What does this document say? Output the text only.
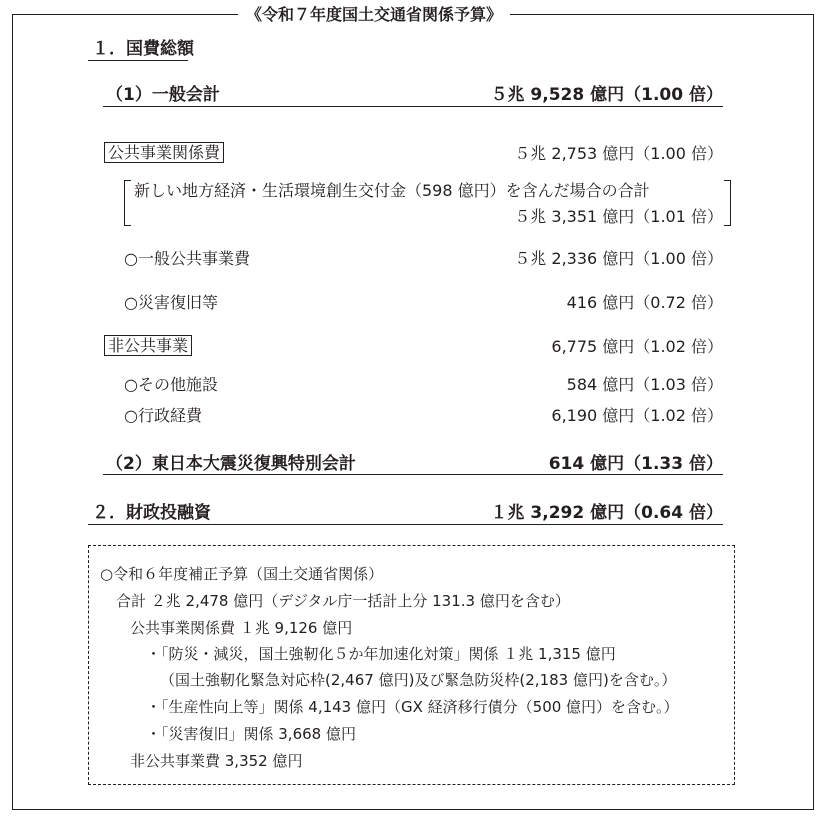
《令和７年度国土交通省関係予算》
１．国費総額
（1）一般会計	５兆 9,528 億円（1.00 倍）
公共事業関係費	５兆 2,753 億円（1.00 倍）
新しい地方経済・生活環境創生交付金（598 億円）を含んだ場合の合計
５兆 3,351 億円（1.01 倍）
○一般公共事業費	５兆 2,336 億円（1.00 倍）
○災害復旧等	416 億円（0.72 倍）
非公共事業	6,775 億円（1.02 倍）
○その他施設	584 億円（1.03 倍）
○行政経費	6,190 億円（1.02 倍）
（2）東日本大震災復興特別会計	614 億円（1.33 倍）
２．財政投融資	１兆 3,292 億円（0.64 倍）
○令和６年度補正予算（国土交通省関係）
合計 ２兆 2,478 億円（デジタル庁一括計上分 131.3 億円を含む）
公共事業関係費 １兆 9,126 億円
・「防災・減災，国土強靭化５か年加速化対策」関係 １兆 1,315 億円
（国土強靭化緊急対応枠(2,467 億円)及び緊急防災枠(2,183 億円)を含む。）
・「生産性向上等」関係 4,143 億円（GX 経済移行債分（500 億円）を含む。）
・「災害復旧」関係 3,668 億円
非公共事業費 3,352 億円
